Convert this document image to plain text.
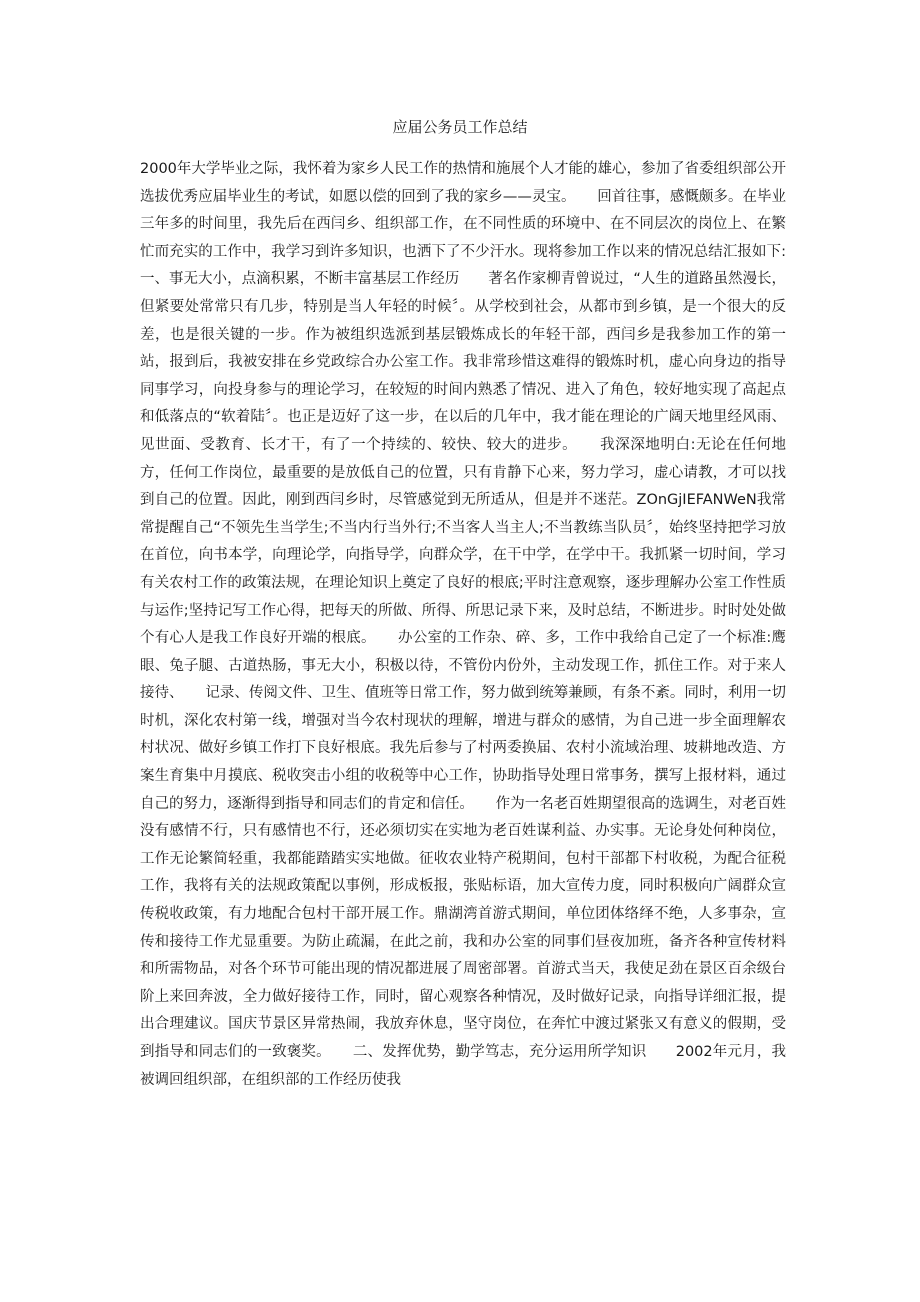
应届公务员工作总结
2000年大学毕业之际，我怀着为家乡人民工作的热情和施展个人才能的雄心，参加了省委组织部公开选拔优秀应届毕业生的考试，如愿以偿的回到了我的家乡——灵宝。　　回首往事，感慨颇多。在毕业三年多的时间里，我先后在西闫乡、组织部工作，在不同性质的环境中、在不同层次的岗位上、在繁忙而充实的工作中，我学习到许多知识，也洒下了不少汗水。现将参加工作以来的情况总结汇报如下:　　一、事无大小，点滴积累，不断丰富基层工作经历　　著名作家柳青曾说过，“人生的道路虽然漫长，但紧要处常常只有几步，特别是当人年轻的时候〞。从学校到社会，从都市到乡镇，是一个很大的反差，也是很关键的一步。作为被组织选派到基层锻炼成长的年轻干部，西闫乡是我参加工作的第一站，报到后，我被安排在乡党政综合办公室工作。我非常珍惜这难得的锻炼时机，虚心向身边的指导同事学习，向投身参与的理论学习，在较短的时间内熟悉了情况、进入了角色，较好地实现了高起点和低落点的“软着陆〞。也正是迈好了这一步，在以后的几年中，我才能在理论的广阔天地里经风雨、见世面、受教育、长才干，有了一个持续的、较快、较大的进步。　　我深深地明白:无论在任何地方，任何工作岗位，最重要的是放低自己的位置，只有肯静下心来，努力学习，虚心请教，才可以找到自己的位置。因此，刚到西闫乡时，尽管感觉到无所适从，但是并不迷茫。ZOnGjIEFANWeN我常常提醒自己“不领先生当学生;不当内行当外行;不当客人当主人;不当教练当队员〞，始终坚持把学习放在首位，向书本学，向理论学，向指导学，向群众学，在干中学，在学中干。我抓紧一切时间，学习有关农村工作的政策法规，在理论知识上奠定了良好的根底;平时注意观察，逐步理解办公室工作性质与运作;坚持记写工作心得，把每天的所做、所得、所思记录下来，及时总结，不断进步。时时处处做个有心人是我工作良好开端的根底。　　办公室的工作杂、碎、多，工作中我给自己定了一个标准:鹰眼、兔子腿、古道热肠，事无大小，积极以待，不管份内份外，主动发现工作，抓住工作。对于来人接待、　　记录、传阅文件、卫生、值班等日常工作，努力做到统筹兼顾，有条不紊。同时，利用一切时机，深化农村第一线，增强对当今农村现状的理解，增进与群众的感情，为自己进一步全面理解农村状况、做好乡镇工作打下良好根底。我先后参与了村两委换届、农村小流域治理、坡耕地改造、方案生育集中月摸底、税收突击小组的收税等中心工作，协助指导处理日常事务，撰写上报材料，通过自己的努力，逐渐得到指导和同志们的肯定和信任。　　作为一名老百姓期望很高的选调生，对老百姓没有感情不行，只有感情也不行，还必须切实在实地为老百姓谋利益、办实事。无论身处何种岗位，工作无论繁简轻重，我都能踏踏实实地做。征收农业特产税期间，包村干部都下村收税，为配合征税工作，我将有关的法规政策配以事例，形成板报，张贴标语，加大宣传力度，同时积极向广阔群众宣传税收政策，有力地配合包村干部开展工作。鼎湖湾首游式期间，单位团体络绎不绝，人多事杂，宣传和接待工作尤显重要。为防止疏漏，在此之前，我和办公室的同事们昼夜加班，备齐各种宣传材料和所需物品，对各个环节可能出现的情况都进展了周密部署。首游式当天，我使足劲在景区百余级台阶上来回奔波，全力做好接待工作，同时，留心观察各种情况，及时做好记录，向指导详细汇报，提出合理建议。国庆节景区异常热闹，我放弃休息，坚守岗位，在奔忙中渡过紧张又有意义的假期，受到指导和同志们的一致褒奖。　　二、发挥优势，勤学笃志，充分运用所学知识　　2002年元月，我被调回组织部，在组织部的工作经历使我
